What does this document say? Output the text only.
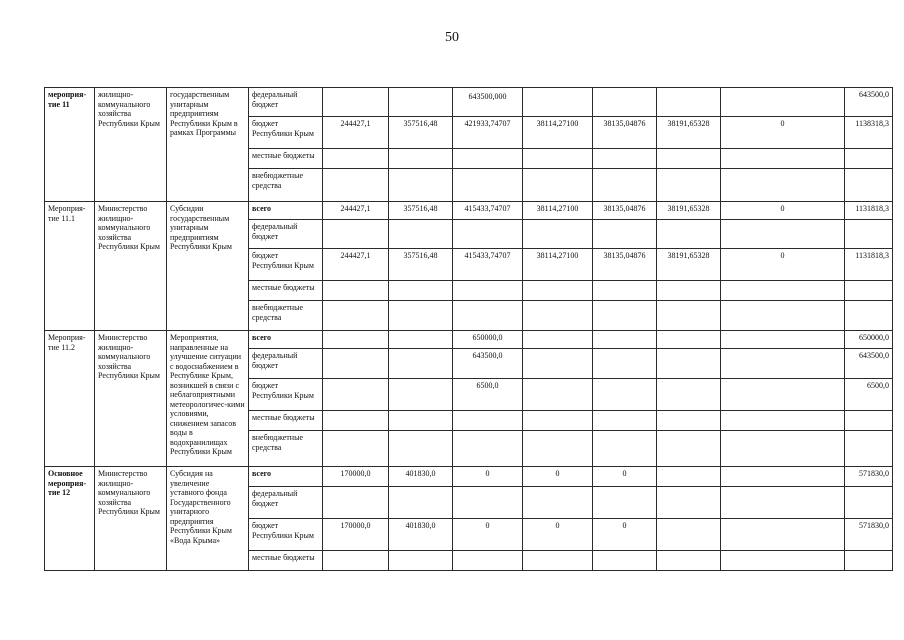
50
мероприя-тие 11	жилищно-коммунального хозяйства Республики Крым	государственным унитарным предприятиям Республики Крым в рамках Программы	федеральный бюджет			643500,000					643500,0
			бюджет Республики Крым	244427,1	357516,48	421933,74707	38114,27100	38135,04876	38191,65328	0	1138318,3
			местные бюджеты								
			внебюджетные средства								
Мероприя-тие 11.1	Министерство жилищно-коммунального хозяйства Республики Крым	Субсидии государственным унитарным предприятиям Республики Крым	всего	244427,1	357516,48	415433,74707	38114,27100	38135,04876	38191,65328	0	1131818,3
			федеральный бюджет								
			бюджет Республики Крым	244427,1	357516,48	415433,74707	38114,27100	38135,04876	38191,65328	0	1131818,3
			местные бюджеты								
			внебюджетные средства								
Мероприя-тие 11.2	Министерство жилищно-коммунального хозяйства Республики Крым	Мероприятия, направленные на улучшение ситуации с водоснабжением в Республике Крым, возникшей в связи с неблагоприятными метеорологичес-кими условиями, снижением запасов воды в водохранилищах Республики Крым	всего			650000,0					650000,0
			федеральный бюджет			643500,0					643500,0
			бюджет Республики Крым			6500,0					6500,0
			местные бюджеты								
			внебюджетные средства								
Основное мероприя-тие 12	Министерство жилищно-коммунального хозяйства Республики Крым	Субсидия на увеличение уставного фонда Государственного унитарного предприятия Республики Крым «Вода Крыма»	всего	170000,0	401830,0	0	0	0			571830,0
			федеральный бюджет								
			бюджет Республики Крым	170000,0	401830,0	0	0	0			571830,0
			местные бюджеты								
